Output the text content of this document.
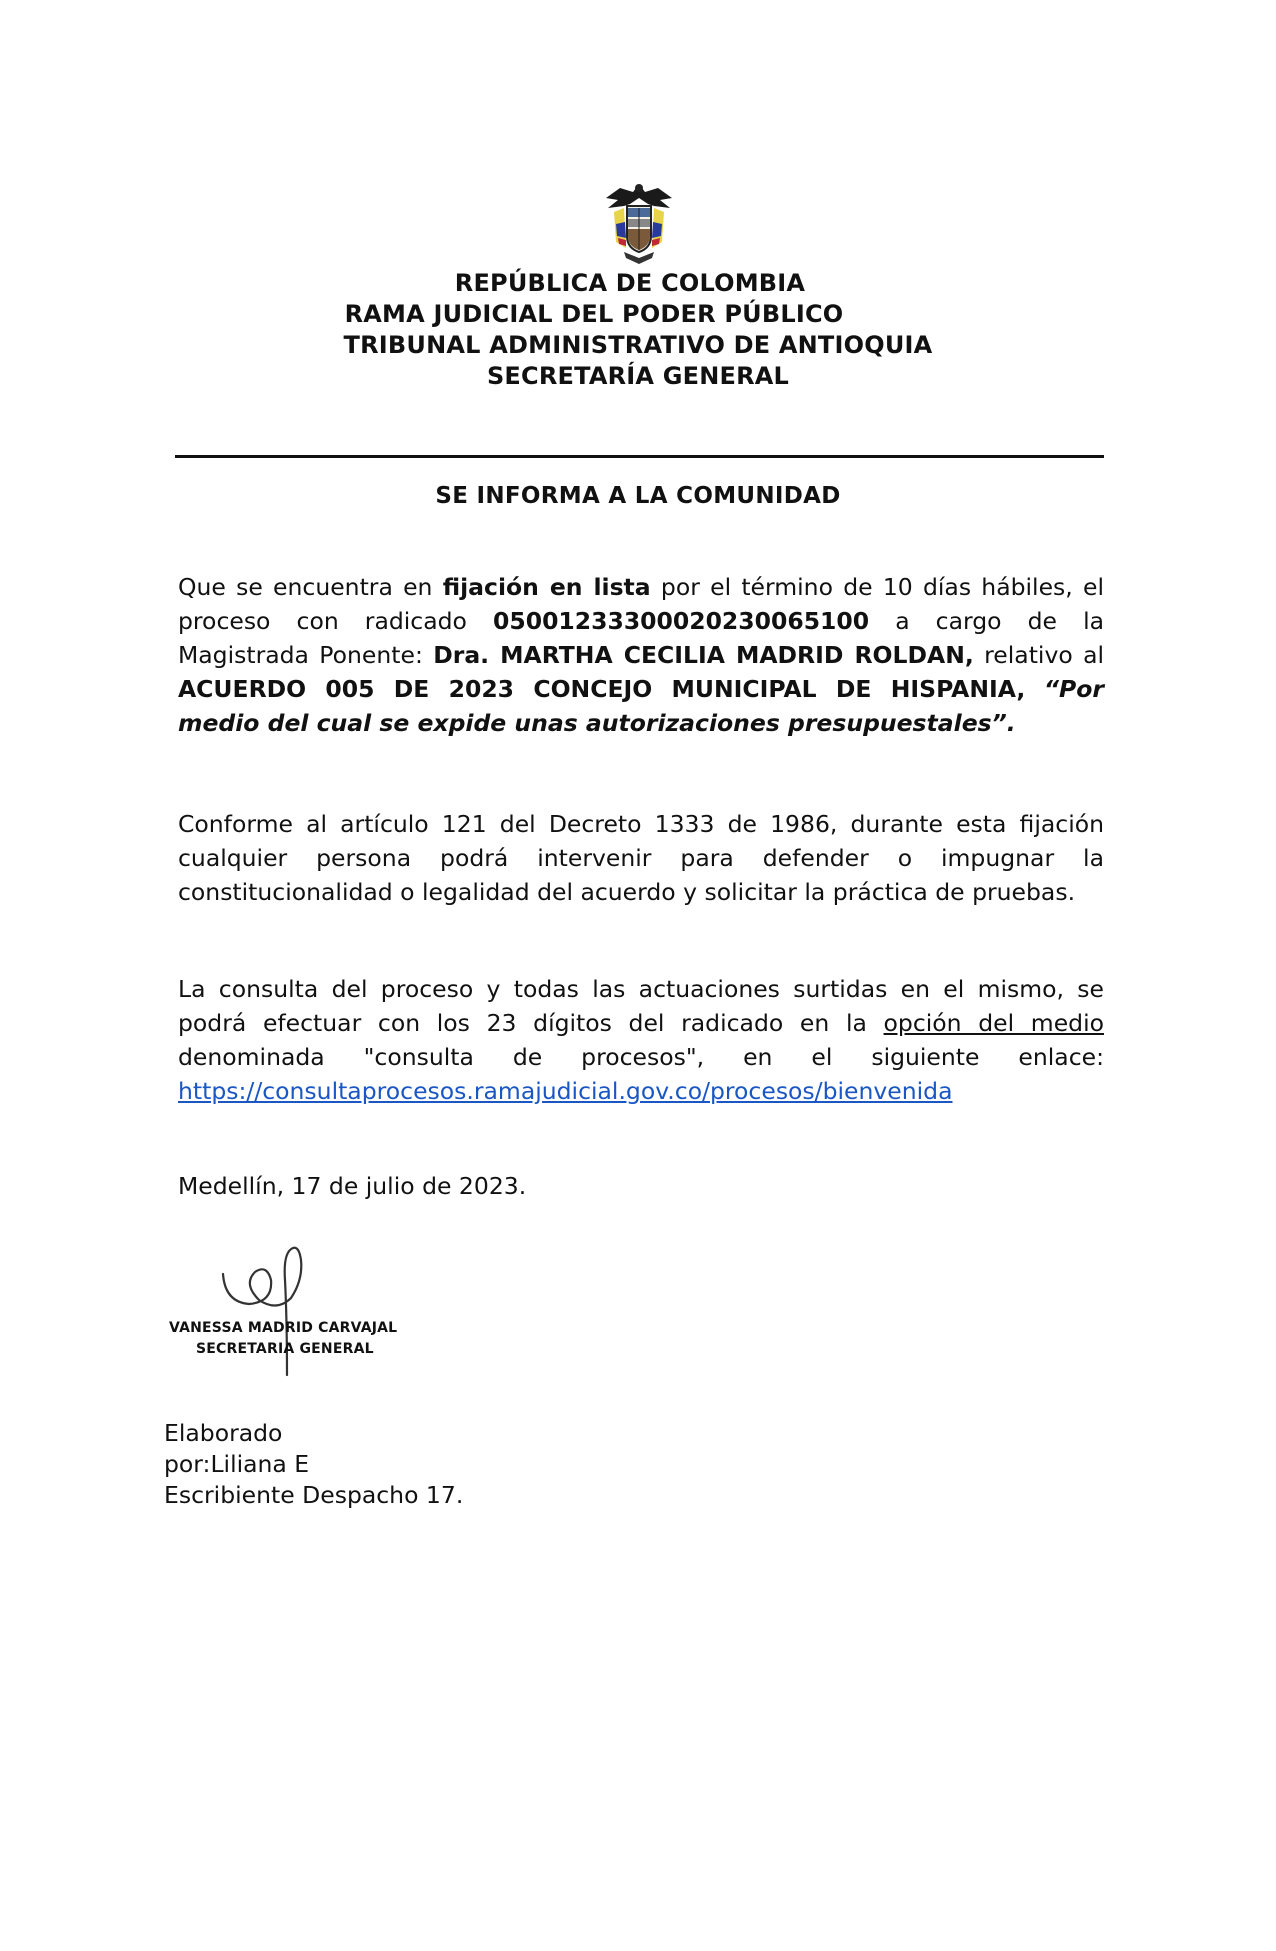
REPÚBLICA DE COLOMBIA
RAMA JUDICIAL DEL PODER PÚBLICO
TRIBUNAL ADMINISTRATIVO DE ANTIOQUIA
SECRETARÍA GENERAL
SE INFORMA A LA COMUNIDAD
Que se encuentra en fijación en lista por el término de 10 días hábiles, el proceso con radicado 05001233300020230065100 a cargo de la Magistrada Ponente: Dra. MARTHA CECILIA MADRID ROLDAN, relativo al ACUERDO 005 DE 2023 CONCEJO MUNICIPAL DE HISPANIA, “Por medio del cual se expide unas autorizaciones presupuestales”.
Conforme al artículo 121 del Decreto 1333 de 1986, durante esta fijación cualquier persona podrá intervenir para defender o impugnar la constitucionalidad o legalidad del acuerdo y solicitar la práctica de pruebas.
La consulta del proceso y todas las actuaciones surtidas en el mismo, se podrá efectuar con los 23 dígitos del radicado en la opción del medio denominada "consulta de procesos", en el siguiente enlace: https://consultaprocesos.ramajudicial.gov.co/procesos/bienvenida
Medellín, 17 de julio de 2023.
VANESSA MADRID CARVAJAL
SECRETARIA GENERAL
Elaborado
por:Liliana E
Escribiente Despacho 17.
